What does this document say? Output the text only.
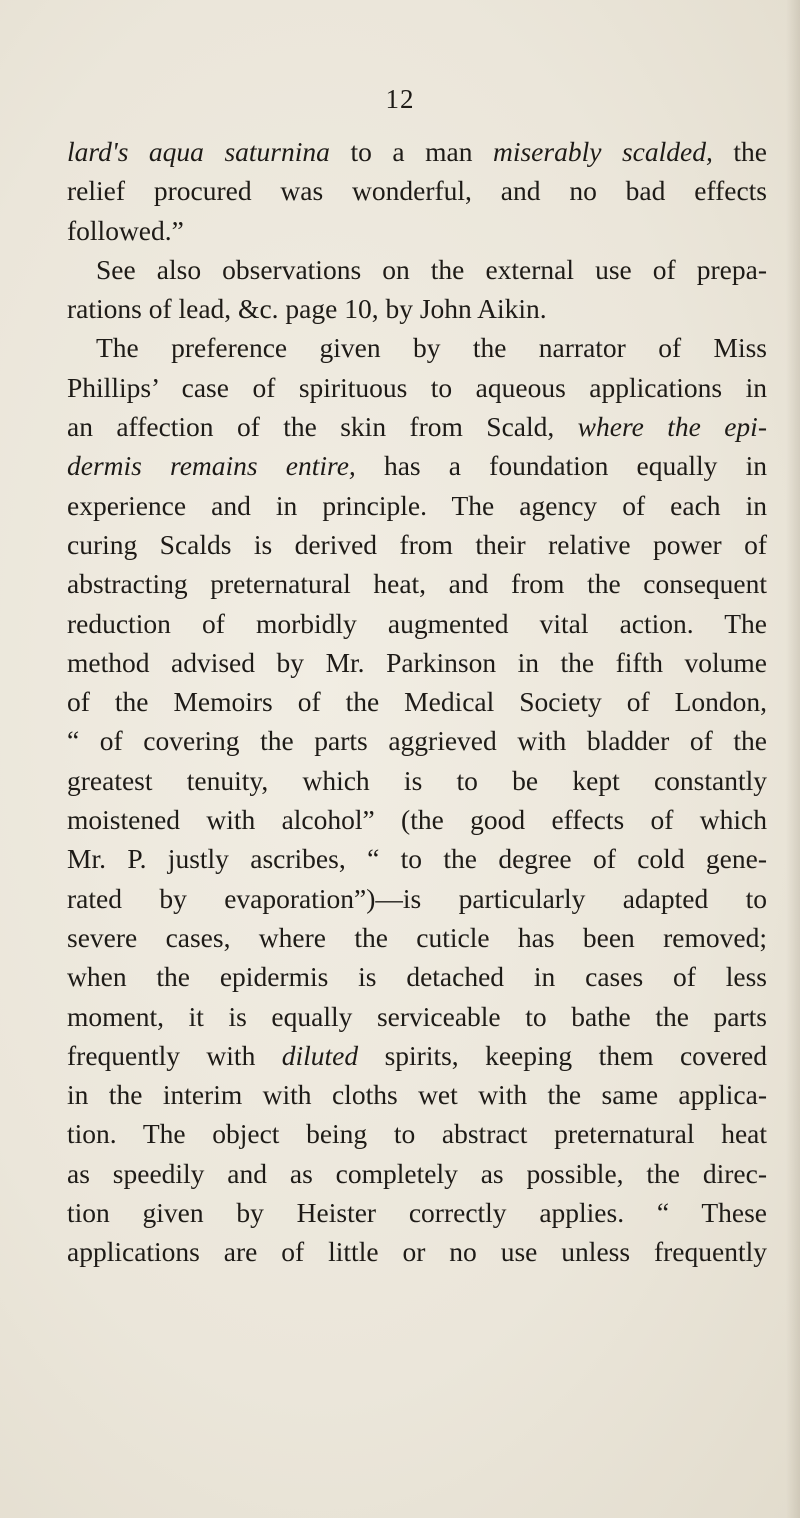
12
lard's aqua saturnina to a man miserably scalded, the
relief procured was wonderful, and no bad effects
followed.”
See also observations on the external use of prepa-
rations of lead, &c. page 10, by John Aikin.
The preference given by the narrator of Miss
Phillips’ case of spirituous to aqueous applications in
an affection of the skin from Scald, where the epi-
dermis remains entire, has a foundation equally in
experience and in principle. The agency of each in
curing Scalds is derived from their relative power of
abstracting preternatural heat, and from the consequent
reduction of morbidly augmented vital action. The
method advised by Mr. Parkinson in the fifth volume
of the Memoirs of the Medical Society of London,
“ of covering the parts aggrieved with bladder of the
greatest tenuity, which is to be kept constantly
moistened with alcohol” (the good effects of which
Mr. P. justly ascribes, “ to the degree of cold gene-
rated by evaporation”)—is particularly adapted to
severe cases, where the cuticle has been removed;
when the epidermis is detached in cases of less
moment, it is equally serviceable to bathe the parts
frequently with diluted spirits, keeping them covered
in the interim with cloths wet with the same applica-
tion. The object being to abstract preternatural heat
as speedily and as completely as possible, the direc-
tion given by Heister correctly applies. “ These
applications are of little or no use unless frequently
